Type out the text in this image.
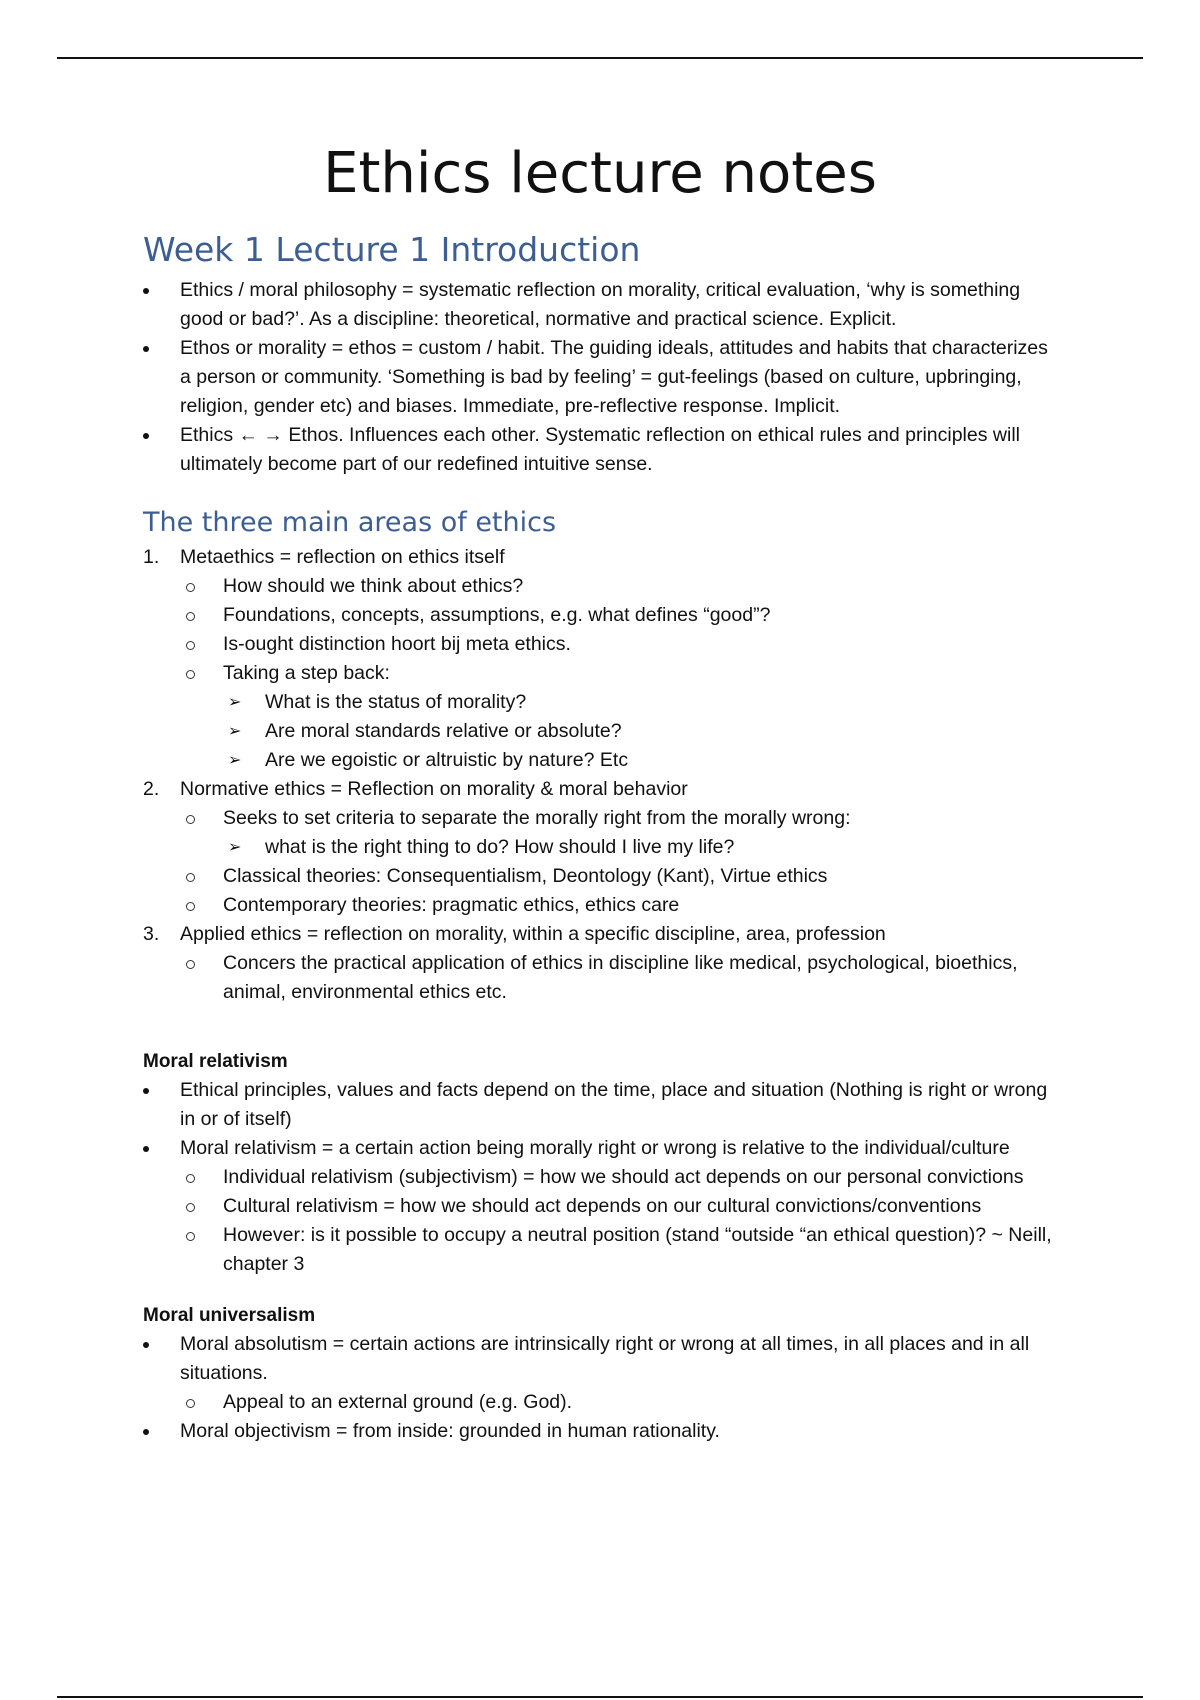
Ethics lecture notes
Week 1 Lecture 1 Introduction
Ethics / moral philosophy = systematic reflection on morality, critical evaluation, ‘why is something good or bad?’. As a discipline: theoretical, normative and practical science. Explicit.
Ethos or morality = ethos = custom / habit. The guiding ideals, attitudes and habits that characterizes a person or community. ‘Something is bad by feeling’ = gut-feelings (based on culture, upbringing, religion, gender etc) and biases. Immediate, pre-reflective response. Implicit.
Ethics ← → Ethos. Influences each other. Systematic reflection on ethical rules and principles will ultimately become part of our redefined intuitive sense.
The three main areas of ethics
1. Metaethics = reflection on ethics itself
How should we think about ethics?
Foundations, concepts, assumptions, e.g. what defines “good”?
Is-ought distinction hoort bij meta ethics.
Taking a step back:
➢ What is the status of morality?
➢ Are moral standards relative or absolute?
➢ Are we egoistic or altruistic by nature? Etc
2. Normative ethics = Reflection on morality & moral behavior
Seeks to set criteria to separate the morally right from the morally wrong:
➢ what is the right thing to do? How should I live my life?
Classical theories: Consequentialism, Deontology (Kant), Virtue ethics
Contemporary theories: pragmatic ethics, ethics care
3. Applied ethics = reflection on morality, within a specific discipline, area, profession
Concers the practical application of ethics in discipline like medical, psychological, bioethics, animal, environmental ethics etc.
Moral relativism
Ethical principles, values and facts depend on the time, place and situation (Nothing is right or wrong in or of itself)
Moral relativism = a certain action being morally right or wrong is relative to the individual/culture
Individual relativism (subjectivism) = how we should act depends on our personal convictions
Cultural relativism = how we should act depends on our cultural convictions/conventions
However: is it possible to occupy a neutral position (stand “outside “an ethical question)? ~ Neill, chapter 3
Moral universalism
Moral absolutism = certain actions are intrinsically right or wrong at all times, in all places and in all situations.
Appeal to an external ground (e.g. God).
Moral objectivism = from inside: grounded in human rationality.
